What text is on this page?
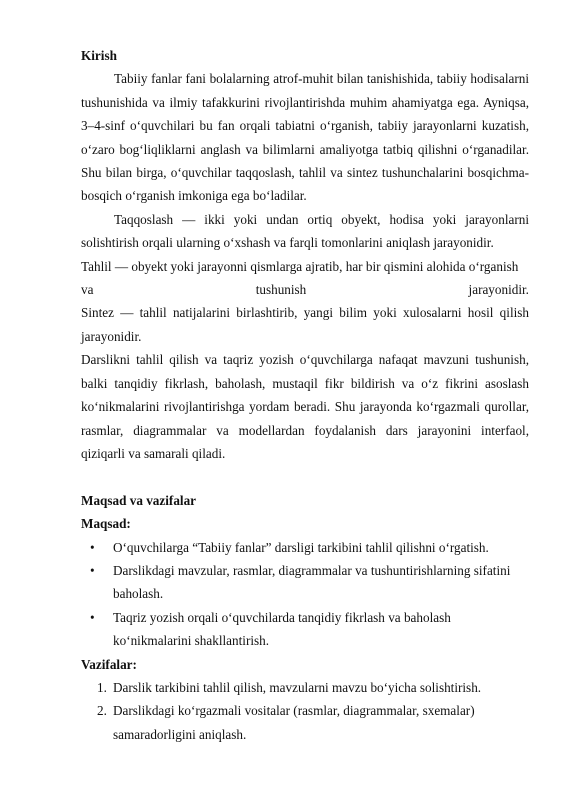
Kirish

Tabiiy fanlar fani bolalarning atrof-muhit bilan tanishishida, tabiiy hodisalarni tushunishida va ilmiy tafakkurini rivojlantirishda muhim ahamiyatga ega. Ayniqsa, 3–4-sinf o‘quvchilari bu fan orqali tabiatni o‘rganish, tabiiy jarayonlarni kuzatish, o‘zaro bog‘liqliklarni anglash va bilimlarni amaliyotga tatbiq qilishni o‘rganadilar. Shu bilan birga, o‘quvchilar taqqoslash, tahlil va sintez tushunchalarini bosqichma-bosqich o‘rganish imkoniga ega bo‘ladilar.

Taqqoslash — ikki yoki undan ortiq obyekt, hodisa yoki jarayonlarni solishtirish orqali ularning o‘xshash va farqli tomonlarini aniqlash jarayonidir.

Tahlil — obyekt yoki jarayonni qismlarga ajratib, har bir qismini alohida o‘rganish

va	tushunish	jarayonidir.

Sintez — tahlil natijalarini birlashtirib, yangi bilim yoki xulosalarni hosil qilish jarayonidir.

Darslikni tahlil qilish va taqriz yozish o‘quvchilarga nafaqat mavzuni tushunish, balki tanqidiy fikrlash, baholash, mustaqil fikr bildirish va o‘z fikrini asoslash ko‘nikmalarini rivojlantirishga yordam beradi. Shu jarayonda ko‘rgazmali qurollar, rasmlar, diagrammalar va modellardan foydalanish dars jarayonini interfaol, qiziqarli va samarali qiladi.

Maqsad va vazifalar
Maqsad:
• O‘quvchilarga “Tabiiy fanlar” darsligi tarkibini tahlil qilishni o‘rgatish.
• Darslikdagi mavzular, rasmlar, diagrammalar va tushuntirishlarning sifatini baholash.
• Taqriz yozish orqali o‘quvchilarda tanqidiy fikrlash va baholash ko‘nikmalarini shakllantirish.
Vazifalar:
1. Darslik tarkibini tahlil qilish, mavzularni mavzu bo‘yicha solishtirish.
2. Darslikdagi ko‘rgazmali vositalar (rasmlar, diagrammalar, sxemalar) samaradorligini aniqlash.
